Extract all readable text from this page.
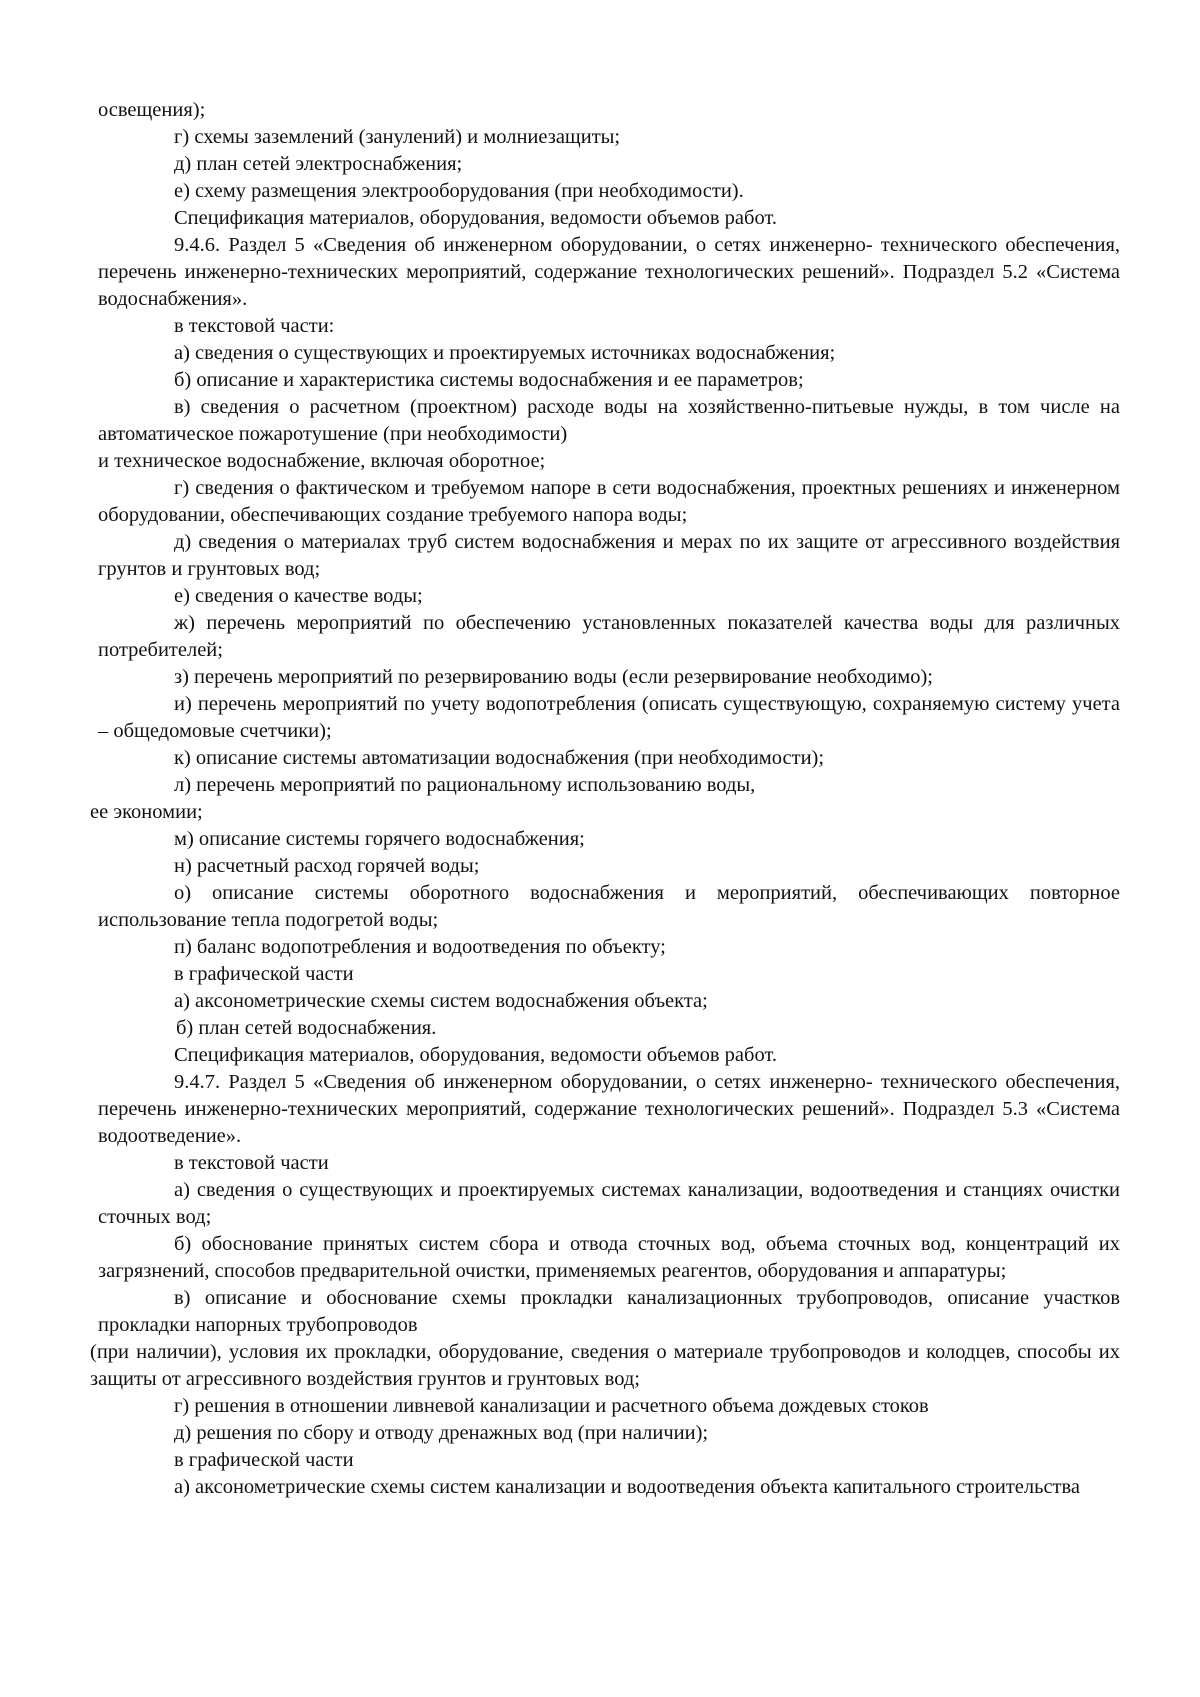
освещения);

г) схемы заземлений (занулений) и молниезащиты;

д) план сетей электроснабжения;

е) схему размещения электрооборудования (при необходимости).

Спецификация материалов, оборудования, ведомости объемов работ.

9.4.6. Раздел 5 «Сведения об инженерном оборудовании, о сетях инженерно- технического обеспечения, перечень инженерно-технических мероприятий, содержание технологических решений». Подраздел 5.2 «Система водоснабжения».

в текстовой части:

а) сведения о существующих и проектируемых источниках водоснабжения;

б) описание и характеристика системы водоснабжения и ее параметров;

в) сведения о расчетном (проектном) расходе воды на хозяйственно-питьевые нужды, в том числе на автоматическое пожаротушение (при необходимости)

и техническое водоснабжение, включая оборотное;

г) сведения о фактическом и требуемом напоре в сети водоснабжения, проектных решениях и инженерном оборудовании, обеспечивающих создание требуемого напора воды;

д) сведения о материалах труб систем водоснабжения и мерах по их защите от агрессивного воздействия грунтов и грунтовых вод;

е) сведения о качестве воды;

ж) перечень мероприятий по обеспечению установленных показателей качества воды для различных потребителей;

з) перечень мероприятий по резервированию воды (если резервирование необходимо);

и) перечень мероприятий по учету водопотребления (описать существующую, сохраняемую систему учета – общедомовые счетчики);

к) описание системы автоматизации водоснабжения (при необходимости);

л) перечень мероприятий по рациональному использованию воды,

ее экономии;

м) описание системы горячего водоснабжения;

н) расчетный расход горячей воды;

о) описание системы оборотного водоснабжения и мероприятий, обеспечивающих повторное использование тепла подогретой воды;

п) баланс водопотребления и водоотведения по объекту;

в графической части

а) аксонометрические схемы систем водоснабжения объекта;

б) план сетей водоснабжения.

Спецификация материалов, оборудования, ведомости объемов работ.

9.4.7. Раздел 5 «Сведения об инженерном оборудовании, о сетях инженерно- технического обеспечения, перечень инженерно-технических мероприятий, содержание технологических решений». Подраздел 5.3 «Система водоотведение».

в текстовой части

а) сведения о существующих и проектируемых системах канализации, водоотведения и станциях очистки сточных вод;

б) обоснование принятых систем сбора и отвода сточных вод, объема сточных вод, концентраций их загрязнений, способов предварительной очистки, применяемых реагентов, оборудования и аппаратуры;

в) описание и обоснование схемы прокладки канализационных трубопроводов, описание участков прокладки напорных трубопроводов

(при наличии), условия их прокладки, оборудование, сведения о материале трубопроводов и колодцев, способы их защиты от агрессивного воздействия грунтов и грунтовых вод;

г) решения в отношении ливневой канализации и расчетного объема дождевых стоков

д) решения по сбору и отводу дренажных вод (при наличии);

в графической части

а) аксонометрические схемы систем канализации и водоотведения объекта капитального строительства
